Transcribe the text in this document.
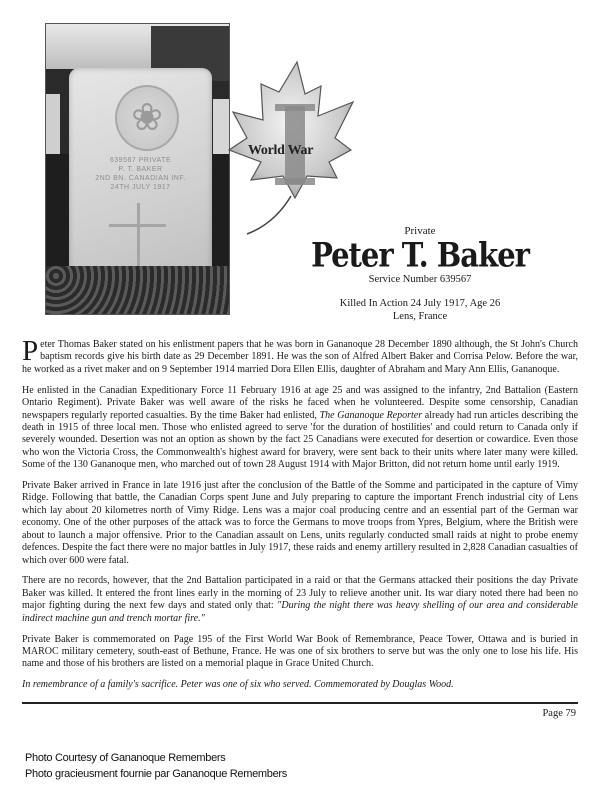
❀
639567 PRIVATE
P. T. BAKER
2ND BN. CANADIAN INF.
24TH JULY 1917
World War
Private
Peter T. Baker
Service Number 639567
Killed In Action 24 July 1917, Age 26
Lens, France

Peter Thomas Baker stated on his enlistment papers that he was born in Gananoque 28 December 1890 although, the St John's Church baptism records give his birth date as 29 December 1891. He was the son of Alfred Albert Baker and Corrisa Pelow. Before the war, he worked as a rivet maker and on 9 September 1914 married Dora Ellen Ellis, daughter of Abraham and Mary Ann Ellis, Gananoque.

He enlisted in the Canadian Expeditionary Force 11 February 1916 at age 25 and was assigned to the infantry, 2nd Battalion (Eastern Ontario Regiment). Private Baker was well aware of the risks he faced when he volunteered. Despite some censorship, Canadian newspapers regularly reported casualties. By the time Baker had enlisted, The Gananoque Reporter already had run articles describing the death in 1915 of three local men. Those who enlisted agreed to serve 'for the duration of hostilities' and could return to Canada only if severely wounded. Desertion was not an option as shown by the fact 25 Canadians were executed for desertion or cowardice. Even those who won the Victoria Cross, the Commonwealth's highest award for bravery, were sent back to their units where later many were killed. Some of the 130 Gananoque men, who marched out of town 28 August 1914 with Major Britton, did not return home until early 1919.

Private Baker arrived in France in late 1916 just after the conclusion of the Battle of the Somme and participated in the capture of Vimy Ridge. Following that battle, the Canadian Corps spent June and July preparing to capture the important French industrial city of Lens which lay about 20 kilometres north of Vimy Ridge. Lens was a major coal producing centre and an essential part of the German war economy. One of the other purposes of the attack was to force the Germans to move troops from Ypres, Belgium, where the British were about to launch a major offensive. Prior to the Canadian assault on Lens, units regularly conducted small raids at night to probe enemy defences. Despite the fact there were no major battles in July 1917, these raids and enemy artillery resulted in 2,828 Canadian casualties of which over 600 were fatal.

There are no records, however, that the 2nd Battalion participated in a raid or that the Germans attacked their positions the day Private Baker was killed. It entered the front lines early in the morning of 23 July to relieve another unit. Its war diary noted there had been no major fighting during the next few days and stated only that: "During the night there was heavy shelling of our area and considerable indirect machine gun and trench mortar fire."

Private Baker is commemorated on Page 195 of the First World War Book of Remembrance, Peace Tower, Ottawa and is buried in MAROC military cemetery, south-east of Bethune, France. He was one of six brothers to serve but was the only one to lose his life. His name and those of his brothers are listed on a memorial plaque in Grace United Church.

In remembrance of a family's sacrifice. Peter was one of six who served. Commemorated by Douglas Wood.

Page 79
Photo Courtesy of Gananoque Remembers
Photo gracieusment fournie par Gananoque Remembers
